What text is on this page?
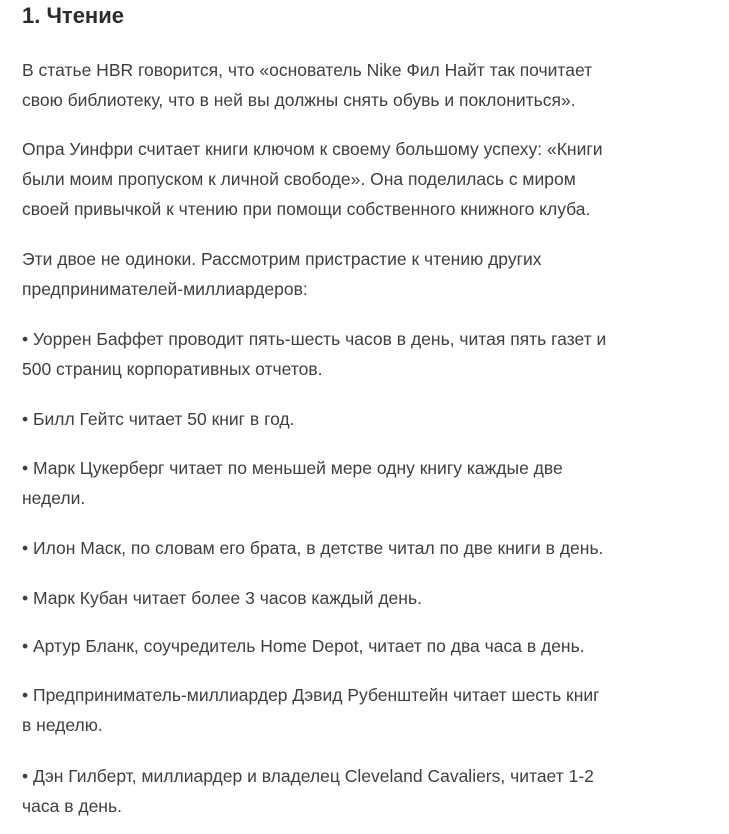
1. Чтение

В статье HBR говорится, что «основатель Nike Фил Найт так почитает
свою библиотеку, что в ней вы должны снять обувь и поклониться».

Опра Уинфри считает книги ключом к своему большому успеху: «Книги
были моим пропуском к личной свободе». Она поделилась с миром
своей привычкой к чтению при помощи собственного книжного клуба.

Эти двое не одиноки. Рассмотрим пристрастие к чтению других
предпринимателей-миллиардеров:

• Уоррен Баффет проводит пять-шесть часов в день, читая пять газет и
500 страниц корпоративных отчетов.

• Билл Гейтс читает 50 книг в год.

• Марк Цукерберг читает по меньшей мере одну книгу каждые две
недели.

• Илон Маск, по словам его брата, в детстве читал по две книги в день.

• Марк Кубан читает более 3 часов каждый день.

• Артур Бланк, соучредитель Home Depot, читает по два часа в день.

• Предприниматель-миллиардер Дэвид Рубенштейн читает шесть книг
в неделю.

• Дэн Гилберт, миллиардер и владелец Cleveland Cavaliers, читает 1-2
часа в день.
